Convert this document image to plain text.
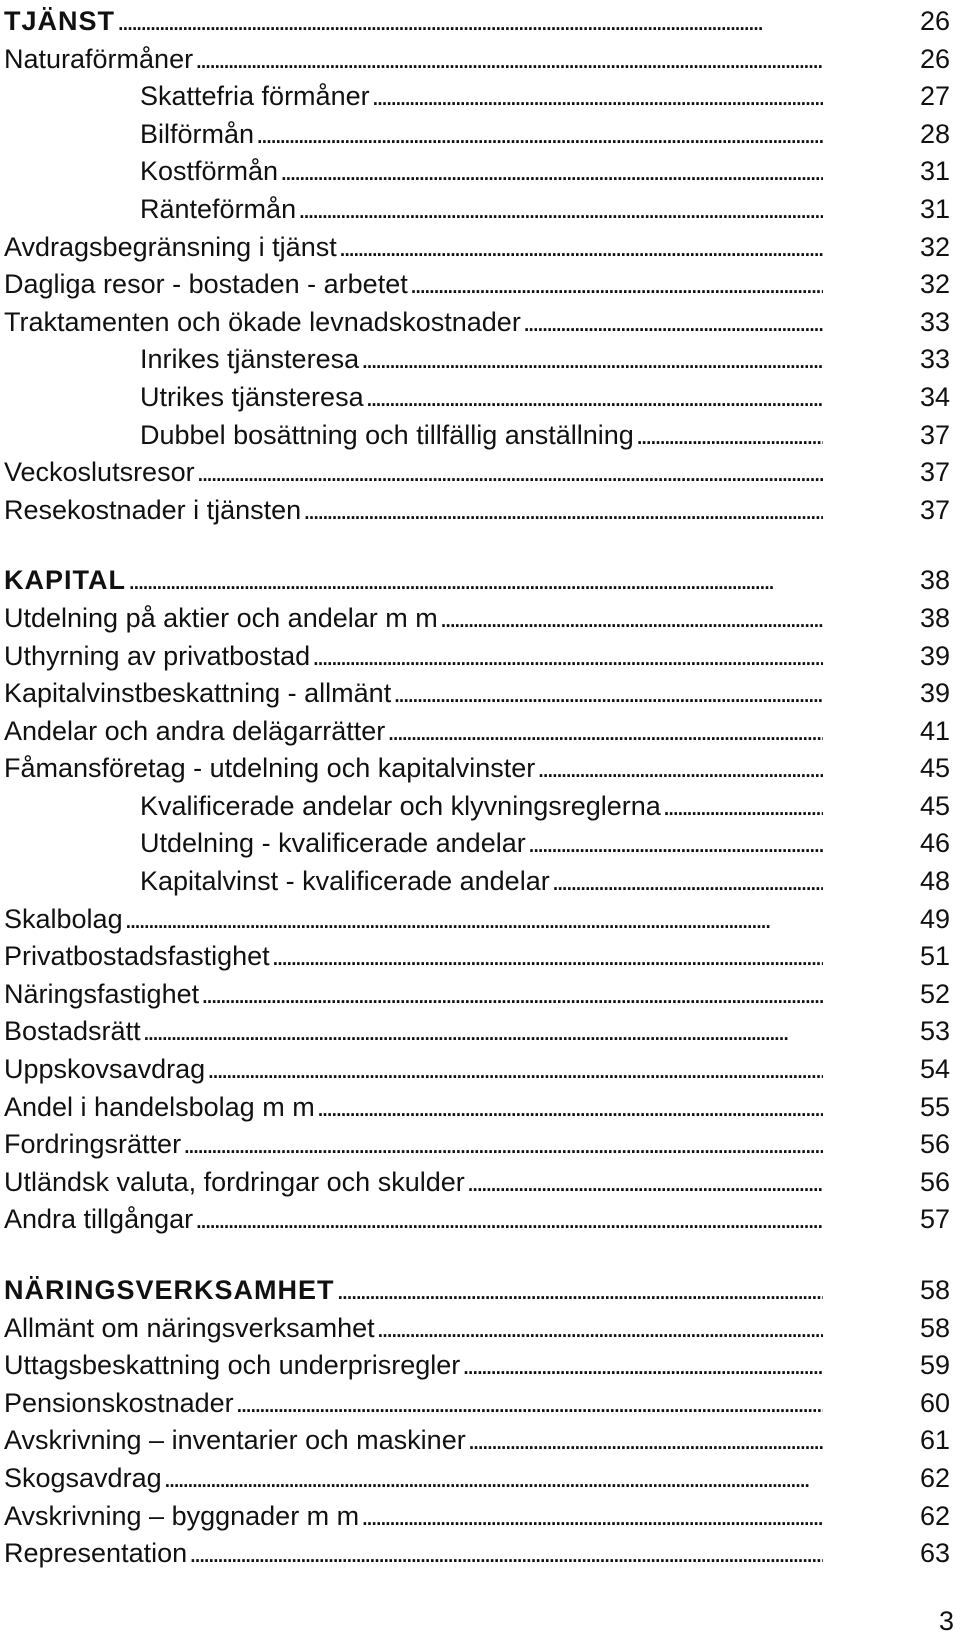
TJÄNST . . .	26
Naturaförmåner . . .	26
Skattefria förmåner . . .	27
Bilförmån . . .	28
Kostförmån . . .	31
Ränteförmån . . .	31
Avdragsbegränsning i tjänst . . .	32
Dagliga resor - bostaden - arbetet . . .	32
Traktamenten och ökade levnadskostnader . . .	33
Inrikes tjänsteresa . . .	33
Utrikes tjänsteresa . . .	34
Dubbel bosättning och tillfällig anställning . . .	37
Veckoslutsresor . . .	37
Resekostnader i tjänsten . . .	37
KAPITAL . . .	38
Utdelning på aktier och andelar m m . . .	38
Uthyrning av privatbostad . . .	39
Kapitalvinstbeskattning - allmänt . . .	39
Andelar och andra delägarrätter . . .	41
Fåmansföretag - utdelning och kapitalvinster . . .	45
Kvalificerade andelar och klyvningsreglerna . . .	45
Utdelning - kvalificerade andelar . . .	46
Kapitalvinst - kvalificerade andelar . . .	48
Skalbolag . . .	49
Privatbostadsfastighet . . .	51
Näringsfastighet . . .	52
Bostadsrätt . . .	53
Uppskovsavdrag . . .	54
Andel i handelsbolag m m . . .	55
Fordringsrätter . . .	56
Utländsk valuta, fordringar och skulder . . .	56
Andra tillgångar . . .	57
NÄRINGSVERKSAMHET . . .	58
Allmänt om näringsverksamhet . . .	58
Uttagsbeskattning och underprisregler . . .	59
Pensionskostnader . . .	60
Avskrivning – inventarier och maskiner . . .	61
Skogsavdrag . . .	62
Avskrivning – byggnader m m . . .	62
Representation . . .	63
3
